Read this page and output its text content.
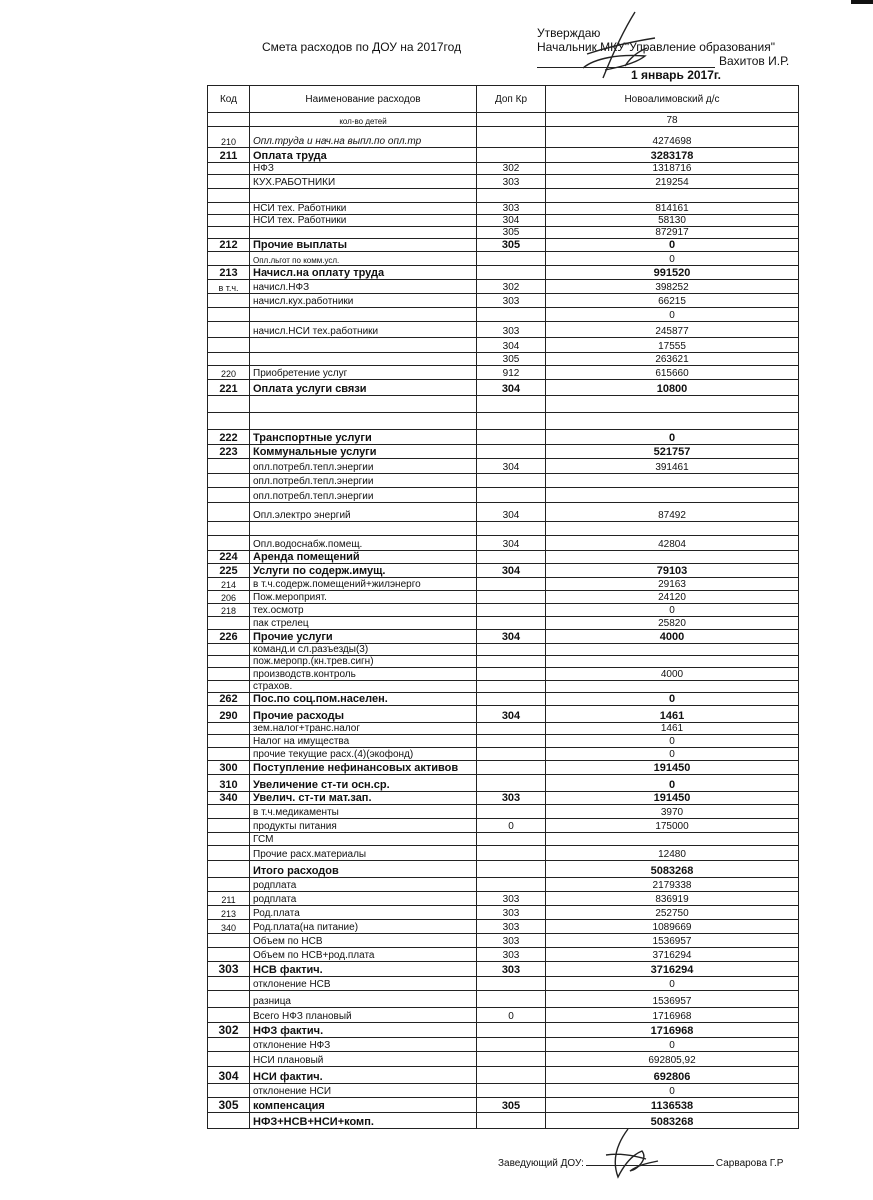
Смета расходов по ДОУ на 2017год
Утверждаю
Начальник МКУ"Управление образования"
Вахитов И.Р.
1 январь 2017г.
Код	Наименование расходов	Доп Кр	Новоалимовский д/с
	кол-во детей		78
210	Опл.труда и нач.на выпл.по опл.тр		4274698
211	Оплата труда		3283178
	НФЗ	302	1318716
	КУХ.РАБОТНИКИ	303	219254

	НСИ тех. Работники	303	814161
	НСИ тех. Работники	304	58130
		305	872917
212	Прочие выплаты	305	0
	Опл.льгот по комм.усл.		0
213	Начисл.на оплату труда		991520
в т.ч.	начисл.НФЗ	302	398252
	начисл.кух.работники	303	66215
			0
	начисл.НСИ тех.работники	303	245877
		304	17555
		305	263621
220	Приобретение услуг	912	615660
221	Оплата услуги связи	304	10800

222	Транспортные услуги		0
223	Коммунальные услуги		521757
	опл.потребл.тепл.энергии	304	391461
	опл.потребл.тепл.энергии		
	опл.потребл.тепл.энергии		
	Опл.электро энергий	304	87492

	Опл.водоснабж.помещ.	304	42804
224	Аренда помещений		
225	Услуги по содерж.имущ.	304	79103
214	в т.ч.содерж.помещений+жилэнерго		29163
206	Пож.мероприят.		24120
218	тех.осмотр		0
	пак стрелец		25820
226	Прочие услуги	304	4000
	команд.и сл.разъезды(3)		
	пож.меропр.(кн.трев.сигн)		
	производств.контроль		4000
	страхов.		
262	Пос.по соц.пом.населен.		0
290	Прочие расходы	304	1461
	зем.налог+транс.налог		1461
	Налог на имущества		0
	прочие текущие расх.(4)(экофонд)		0
300	Поступление нефинансовых активов		191450
310	Увеличение ст-ти осн.ср.		0
340	Увелич. ст-ти мат.зап.	303	191450
	в т.ч.медикаменты		3970
	продукты питания	0	175000
	ГСМ		
	Прочие расх.материалы		12480
	Итого расходов		5083268
	родплата		2179338
211	родплата	303	836919
213	Род.плата	303	252750
340	Род.плата(на питание)	303	1089669
	Объем по НСВ	303	1536957
	Объем по НСВ+род.плата	303	3716294
303	НСВ фактич.	303	3716294
	отклонение НСВ		0
	разница		1536957
	Всего НФЗ плановый	0	1716968
302	НФЗ фактич.		1716968
	отклонение НФЗ		0
	НСИ плановый		692805,92
304	НСИ фактич.		692806
	отклонение НСИ		0
305	компенсация	305	1136538
	НФЗ+НСВ+НСИ+комп.		5083268
Заведующий ДОУ:	Сарварова Г.Р
